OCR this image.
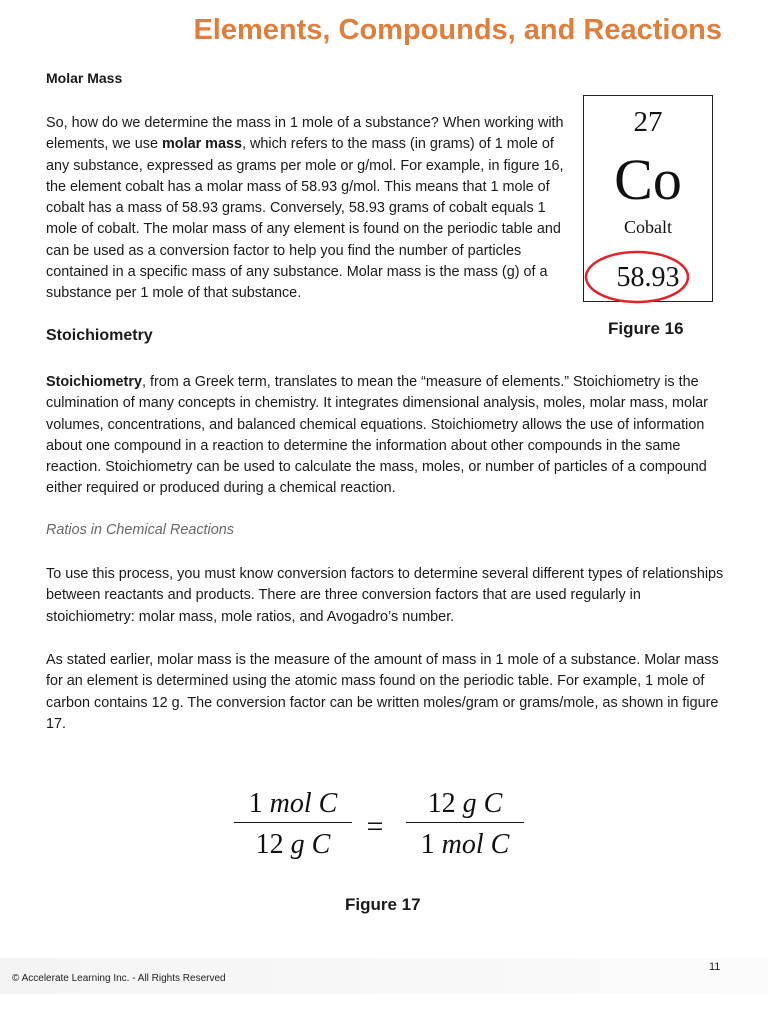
Elements, Compounds, and Reactions
Molar Mass

So, how do we determine the mass in 1 mole of a substance? When working with elements, we use molar mass, which refers to the mass (in grams) of 1 mole of any substance, expressed as grams per mole or g/mol. For example, in figure 16, the element cobalt has a molar mass of 58.93 g/mol. This means that 1 mole of cobalt has a mass of 58.93 grams. Conversely, 58.93 grams of cobalt equals 1 mole of cobalt. The molar mass of any element is found on the periodic table and can be used as a conversion factor to help you find the number of particles contained in a specific mass of any substance. Molar mass is the mass (g) of a substance per 1 mole of that substance.

27
Co
Cobalt
58.93

Figure 16

Stoichiometry

Stoichiometry, from a Greek term, translates to mean the “measure of elements.” Stoichiometry is the culmination of many concepts in chemistry. It integrates dimensional analysis, moles, molar mass, molar volumes, concentrations, and balanced chemical equations. Stoichiometry allows the use of information about one compound in a reaction to determine the information about other compounds in the same reaction. Stoichiometry can be used to calculate the mass, moles, or number of particles of a compound either required or produced during a chemical reaction.

Ratios in Chemical Reactions

To use this process, you must know conversion factors to determine several different types of relationships between reactants and products. There are three conversion factors that are used regularly in stoichiometry: molar mass, mole ratios, and Avogadro’s number.

As stated earlier, molar mass is the measure of the amount of mass in 1 mole of a substance. Molar mass for an element is determined using the atomic mass found on the periodic table. For example, 1 mole of carbon contains 12 g. The conversion factor can be written moles/gram or grams/mole, as shown in figure 17.

1 mol C
12 g C
=
12 g C
1 mol C

Figure 17

11

© Accelerate Learning Inc. - All Rights Reserved
